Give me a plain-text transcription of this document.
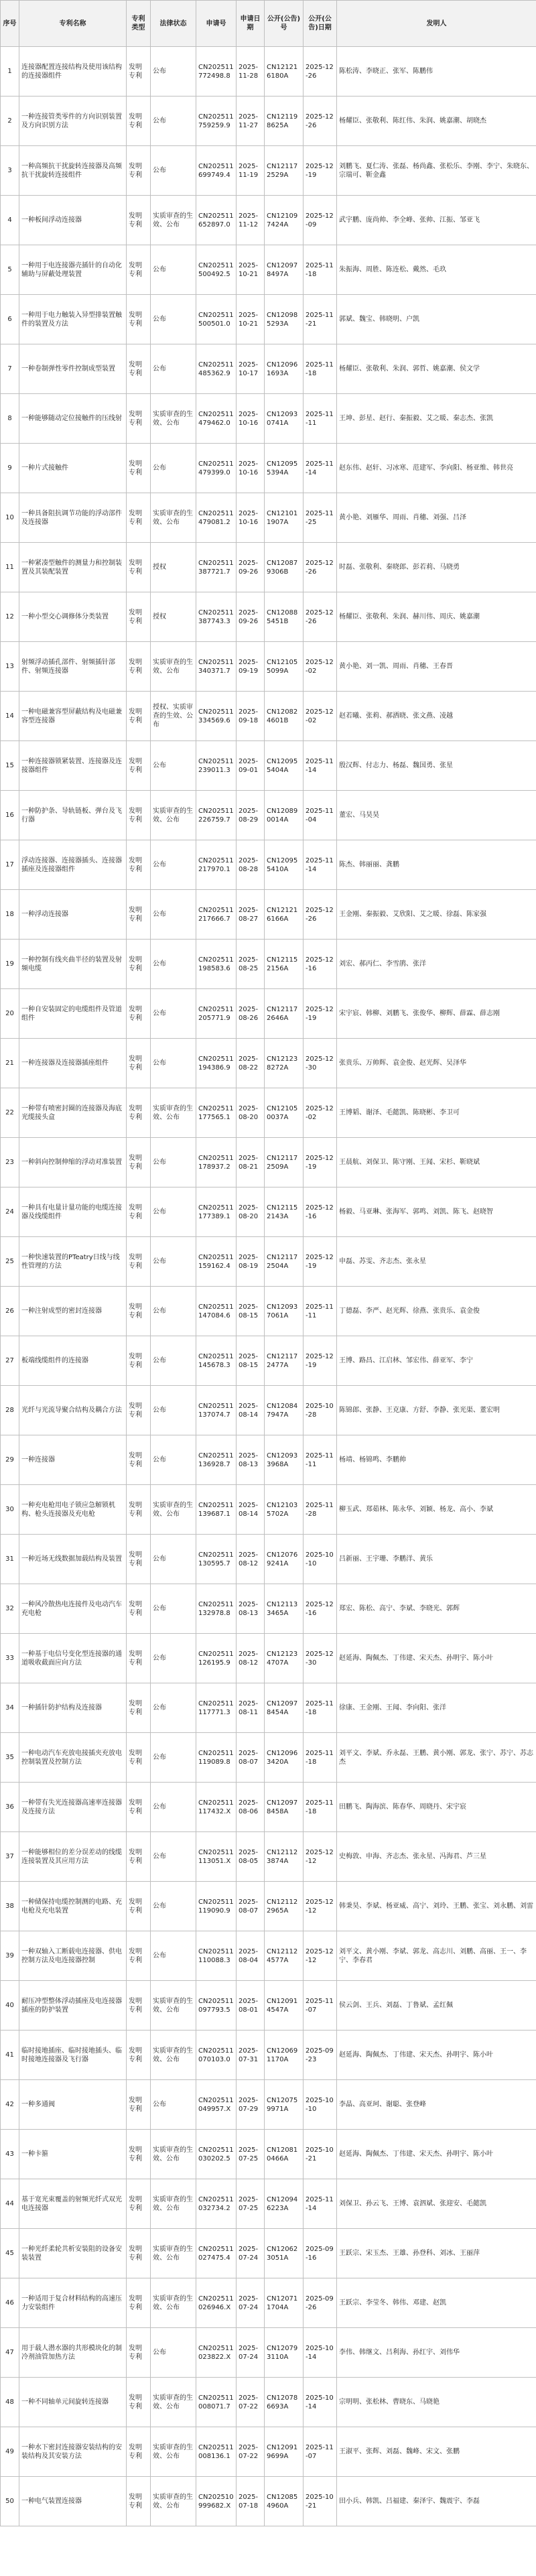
序号	专利名称	专利类型	法律状态	申请号	申请日期	公开(公告)号	公开(公告)日期	发明人
1	连接器配置连接结构及使用该结构的连接器组件	发明专利	公布	CN202511772498.8	2025-11-28	CN121216180A	2025-12-26	陈松涛、李晓正、张军、陈鹏伟
2	一种连接管类零件的方向识别装置及方向识别方法	发明专利	公布	CN202511759259.9	2025-11-27	CN121198625A	2025-12-26	杨耀臣、张敬利、陈红伟、朱润、姚嘉潮、胡晓杰
3	一种高频抗干扰旋转连接器及高频抗干扰旋转连接组件	发明专利	公布	CN202511699749.4	2025-11-19	CN121172529A	2025-12-19	刘鹏飞、夏仁涛、张磊、杨尚鑫、张松乐、李刚、李宁、朱晓东、宗瑞可、靳金鑫
4	一种板间浮动连接器	发明专利	实质审查的生效、公布	CN202511652897.0	2025-11-12	CN121097424A	2025-12-09	武宇鹏、庞尚帅、李全峰、张帅、江振、邹亚飞
5	一种用于电连接器壳插针的自动化辅助与屏蔽处理装置	发明专利	公布	CN202511500492.5	2025-10-21	CN120978497A	2025-11-18	朱振海、周胜、陈连松、戴然、毛玖
6	一种用于电力触装入异型排装置触件的装置及方法	发明专利	公布	CN202511500501.0	2025-10-21	CN120985293A	2025-11-21	郭斌、魏宝、韩晓明、户凯
7	一种卷制弹性零件控制成型装置	发明专利	公布	CN202511485362.9	2025-10-17	CN120961693A	2025-11-18	杨耀臣、张敬利、朱润、郭哲、姚嘉潮、侯文学
8	一种能够随动定位接触件的压线射	发明专利	实质审查的生效、公布	CN202511479462.0	2025-10-16	CN120930741A	2025-11-11	王坤、彭星、赵行、秦振毅、艾之暖、秦志杰、张凯
9	一种片式接触件	发明专利	公布	CN202511479399.0	2025-10-16	CN120955394A	2025-11-14	赵东伟、赵轩、习冰寒、范建军、李向阳、杨亚维、韩世亮
10	一种具备阻抗调节功能的浮动部件及连接器	发明专利	实质审查的生效、公布	CN202511479081.2	2025-10-16	CN121011907A	2025-11-25	黄小艳、刘雁华、周雨、肖穗、刘强、吕泽
11	一种紧凑型触件的测量力和控制装置及其装配装置	发明专利	授权	CN202511387721.7	2025-09-26	CN120879306B	2025-12-26	时磊、张敬利、秦晓郎、彭若莉、马晓勇
12	一种小型交心调修体分类装置	发明专利	授权	CN202511387743.3	2025-09-26	CN120885451B	2025-12-26	杨耀臣、张敬利、朱润、赫川伟、周庆、姚嘉潮
13	射频浮动插孔部件、射频插针部件、射频连接器	发明专利	实质审查的生效、公布	CN202511340371.7	2025-09-19	CN121055099A	2025-12-02	黄小艳、刘一凯、周雨、肖穗、王春晋
14	一种电磁兼容型屏蔽结构及电磁兼容型连接器	发明专利	授权、实质审查的生效、公布	CN202511334569.6	2025-09-18	CN120824601B	2025-12-02	赵若曦、张莉、郝洒晓、张文燕、凌越
15	一种连接器锁紧装置、连接器及连接器组件	发明专利	公布	CN202511239011.3	2025-09-01	CN120955404A	2025-11-14	殷汉辉、付志力、杨磊、魏国勇、张星
16	一种防护条、导轨链板、弹台及飞行器	发明专利	实质审查的生效、公布	CN202511226759.7	2025-08-29	CN120890014A	2025-11-04	董宏、马昊昊
17	浮动连接器、连接器插头、连接器插座及连接器组件	发明专利	公布	CN202511217970.1	2025-08-28	CN120955410A	2025-11-14	陈杰、韩丽丽、龚鹏
18	一种浮动连接器	发明专利	公布	CN202511217666.7	2025-08-27	CN121216166A	2025-12-26	王金刚、秦振毅、艾欣阳、艾之暖、徐磊、陈家强
19	一种控制有线夹曲半径的装置及射频电缆	发明专利	公布	CN202511198583.6	2025-08-25	CN121152156A	2025-12-16	刘宏、郝丙仁、李雪鹃、张洋
20	一种自安装固定的电缆组件及管道组件	发明专利	公布	CN202511205771.9	2025-08-26	CN121172646A	2025-12-19	宋宇宸、韩柳、刘鹏飞、张俊华、柳辉、薛霖、薛志刚
21	一种连接器及连接器插座组件	发明专利	公布	CN202511194386.9	2025-08-22	CN121238272A	2025-12-30	张贵乐、万帅辉、袁金俊、赵光辉、吴泽华
22	一种带有喷密封圈的连接器及海底光缆接头盒	发明专利	实质审查的生效、公布	CN202511177565.1	2025-08-20	CN121050037A	2025-12-02	王博韬、谢泽、毛懿凯、陈晓彬、李卫可
23	一种斜向控制伸缩的浮动对准装置	发明专利	公布	CN202511178937.2	2025-08-21	CN121172509A	2025-12-19	王晨航、刘保卫、陈守刚、王闻、宋杉、靳晓斌
24	一种具有电量计量功能的电缆连接器及线缆组件	发明专利	公布	CN202511177389.1	2025-08-20	CN121152143A	2025-12-16	杨毅、马亚琳、张海军、郭鸣、刘凯、陈飞、赵晓智
25	一种快速装置的PTeatry日线与线性管理的方法	发明专利	公布	CN202511159162.4	2025-08-19	CN121172504A	2025-12-19	申磊、苏雯、齐志杰、张永星
26	一种注射成型的密封连接器	发明专利	公布	CN202511147084.6	2025-08-15	CN120937061A	2025-11-11	丁德磊、李严、赵光辉、徐燕、张贵乐、袁金俊
27	板端线缆组件的连接器	发明专利	公布	CN202511145678.3	2025-08-15	CN121172477A	2025-12-19	王博、路昌、江启林、邹宏伟、薛亚军、李宁
28	光纤与光流导聚合结构及耦合方法	发明专利	公布	CN202511137074.7	2025-08-14	CN120847947A	2025-10-28	陈锦郎、张静、王克康、方舒、李静、张光渠、董宏明
29	一种连接器	发明专利	公布	CN202511136928.7	2025-08-13	CN120933968A	2025-11-11	杨靖、杨锦鸣、李鹏帅
30	一种充电枪用电子锁应急解锁机构、枪头连接器及充电枪	发明专利	实质审查的生效、公布	CN202511139687.1	2025-08-14	CN121035702A	2025-11-28	柳玉武、郑茹林、陈永华、刘颖、杨龙、高小、李斌
31	一种近场无线数据加载结构及装置	发明专利	公布	CN202511130595.7	2025-08-12	CN120769241A	2025-10-10	吕新丽、王宇珊、李鹏洋、黄乐
32	一种风冷散热电连接件及电动汽车充电枪	发明专利	公布	CN202511132978.8	2025-08-13	CN121133465A	2025-12-16	郑宏、陈松、高宁、李斌、李晓光、郭辉
33	一种基于电信号变化型连接器的通道吸收截面应向方法	发明专利	公布	CN202511126195.9	2025-08-12	CN121234707A	2025-12-30	赵延海、陶佩杰、丁伟建、宋天杰、孙明宇、陈小叶
34	一种插针防护结构及连接器	发明专利	公布	CN202511117771.3	2025-08-11	CN120978454A	2025-11-18	徐康、王金刚、王闻、李向阳、张洋
35	一种电动汽车充放电接插夹充放电控制装置及控制方法	发明专利	公布	CN202511119089.8	2025-08-07	CN120963420A	2025-11-18	刘平文、李斌、乔永磊、王鹏、黄小刚、郭龙、张宁、苏宁、苏志杰
36	一种带有失光连接器高速率连接器及连接方法	发明专利	公布	CN202511117432.X	2025-08-06	CN120978458A	2025-11-18	田鹏飞、陶海滨、陈春华、周晓丹、宋宇宸
37	一种能够相位的差分误差动的线缆连接装置及其应用方法	发明专利	公布	CN202511113051.X	2025-08-05	CN121123874A	2025-12-12	史梅敦、申海、齐志杰、张永星、冯海君、芦三星
38	一种储保持电缆控制测的电路、充电枪及充电装置	发明专利	公布	CN202511119090.9	2025-08-07	CN121122965A	2025-12-12	韩秉昊、李斌、杨亚威、高宁、刘玲、王鹏、张宝、刘永鹏、刘雷
39	一种双轴入工断载电连接器、供电控制方法及电连接器控制	发明专利	公布	CN202511110088.3	2025-08-04	CN121124577A	2025-12-12	刘平文、黄小刚、李斌、郭龙、高志川、刘鹏、高丽、王一、李宁、李春君
40	耐压冲型整体浮动插座及电连接器插座的防护装置	发明专利	实质审查的生效、公布	CN202511097793.5	2025-08-01	CN120914547A	2025-11-07	侯云剑、王兵、刘磊、丁鲁斌、孟红佩
41	临时接地插座、临时接地插头、临时接地连接器及飞行器	发明专利	实质审查的生效、公布	CN202511070103.0	2025-07-31	CN120691170A	2025-09-23	赵延海、陶佩杰、丁伟建、宋天杰、孙明宇、陈小叶
42	一种多通阀	发明专利	公布	CN202511049957.X	2025-07-29	CN120759971A	2025-10-10	李晶、高亚珂、谢聪、张登峰
43	一种卡箍	发明专利	实质审查的生效、公布	CN202511030202.5	2025-07-25	CN120810466A	2025-10-21	赵延海、陶佩杰、丁伟建、宋天杰、孙明宇、陈小叶
44	基于宽光束覆盖的射频光纤式双光电连接器	发明专利	实质审查的生效、公布	CN202511032734.2	2025-07-25	CN120946223A	2025-11-14	刘保卫、孙云飞、王博、袁泗斌、张迎安、毛懿凯
45	一种光纤柔轮共析安装阻的设备安装装置	发明专利	实质审查的生效、公布	CN202511027475.4	2025-07-24	CN120623051A	2025-09-16	王跃宗、宋玉杰、王雄、孙登科、刘冰、王丽萍
46	一种适用于复合材料结构的高速压力安装组件	发明专利	实质审查的生效、公布	CN202511026946.X	2025-07-24	CN120711704A	2025-09-26	王跃宗、李莹冬、韩伟、邓建、赵凯
47	用于载人潜水器的共形模块化的制冷剂油管加热方法	发明专利	公布	CN202511023822.X	2025-07-24	CN120793110A	2025-10-14	李伟、韩继文、吕利海、孙红宇、刘伟华
48	一种不同轴单元间旋转连接器	发明专利	实质审查的生效、公布	CN202511008071.7	2025-07-22	CN120786693A	2025-10-14	宗明明、张松林、曹晓东、马晓艳
49	一种水下密封连接器安装结构的安装结构及其安装方法	发明专利	实质审查的生效、公布	CN202511008136.1	2025-07-22	CN120919699A	2025-11-07	王淑平、张辉、刘磊、魏峰、宋文、张鹏
50	一种电气装置连接器	发明专利	实质审查的生效、公布	CN202510999682.X	2025-07-18	CN120854960A	2025-10-21	田小兵、韩凯、吕福建、秦泽宇、魏震宇、李磊
